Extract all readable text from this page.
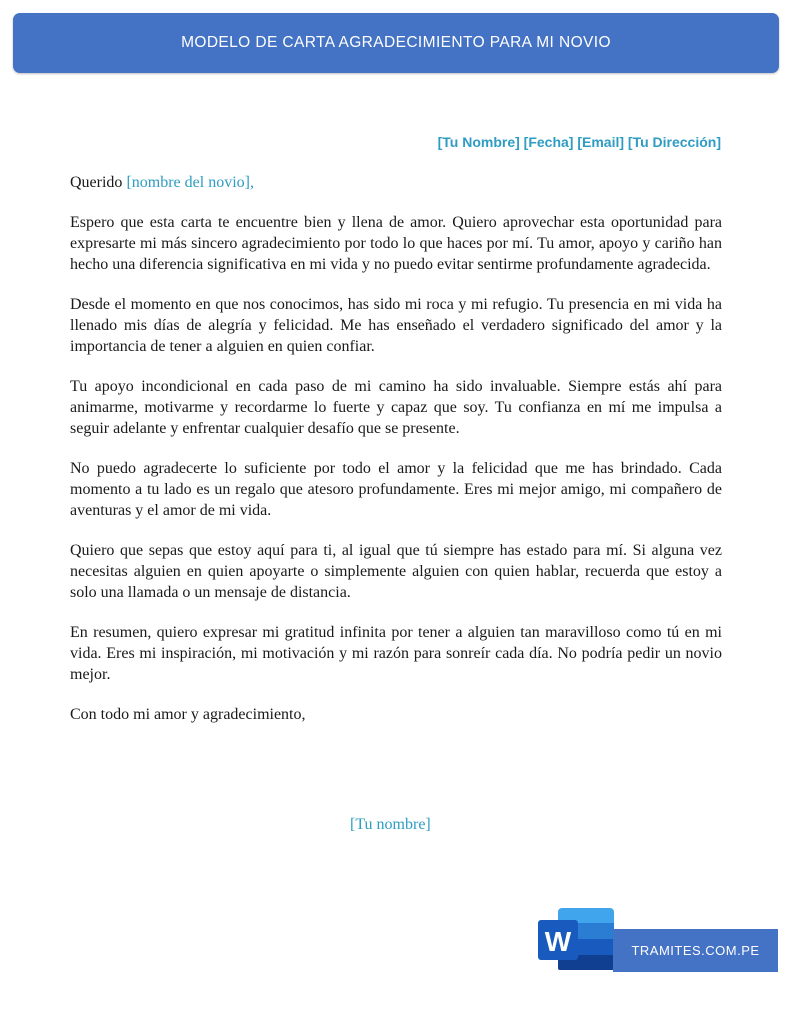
MODELO DE CARTA AGRADECIMIENTO PARA MI NOVIO
[Tu Nombre] [Fecha] [Email] [Tu Dirección]

Querido [nombre del novio],

Espero que esta carta te encuentre bien y llena de amor. Quiero aprovechar esta oportunidad para expresarte mi más sincero agradecimiento por todo lo que haces por mí. Tu amor, apoyo y cariño han hecho una diferencia significativa en mi vida y no puedo evitar sentirme profundamente agradecida.

Desde el momento en que nos conocimos, has sido mi roca y mi refugio. Tu presencia en mi vida ha llenado mis días de alegría y felicidad. Me has enseñado el verdadero significado del amor y la importancia de tener a alguien en quien confiar.

Tu apoyo incondicional en cada paso de mi camino ha sido invaluable. Siempre estás ahí para animarme, motivarme y recordarme lo fuerte y capaz que soy. Tu confianza en mí me impulsa a seguir adelante y enfrentar cualquier desafío que se presente.

No puedo agradecerte lo suficiente por todo el amor y la felicidad que me has brindado. Cada momento a tu lado es un regalo que atesoro profundamente. Eres mi mejor amigo, mi compañero de aventuras y el amor de mi vida.

Quiero que sepas que estoy aquí para ti, al igual que tú siempre has estado para mí. Si alguna vez necesitas alguien en quien apoyarte o simplemente alguien con quien hablar, recuerda que estoy a solo una llamada o un mensaje de distancia.

En resumen, quiero expresar mi gratitud infinita por tener a alguien tan maravilloso como tú en mi vida. Eres mi inspiración, mi motivación y mi razón para sonreír cada día. No podría pedir un novio mejor.

Con todo mi amor y agradecimiento,

[Tu nombre]
W	TRAMITES.COM.PE
